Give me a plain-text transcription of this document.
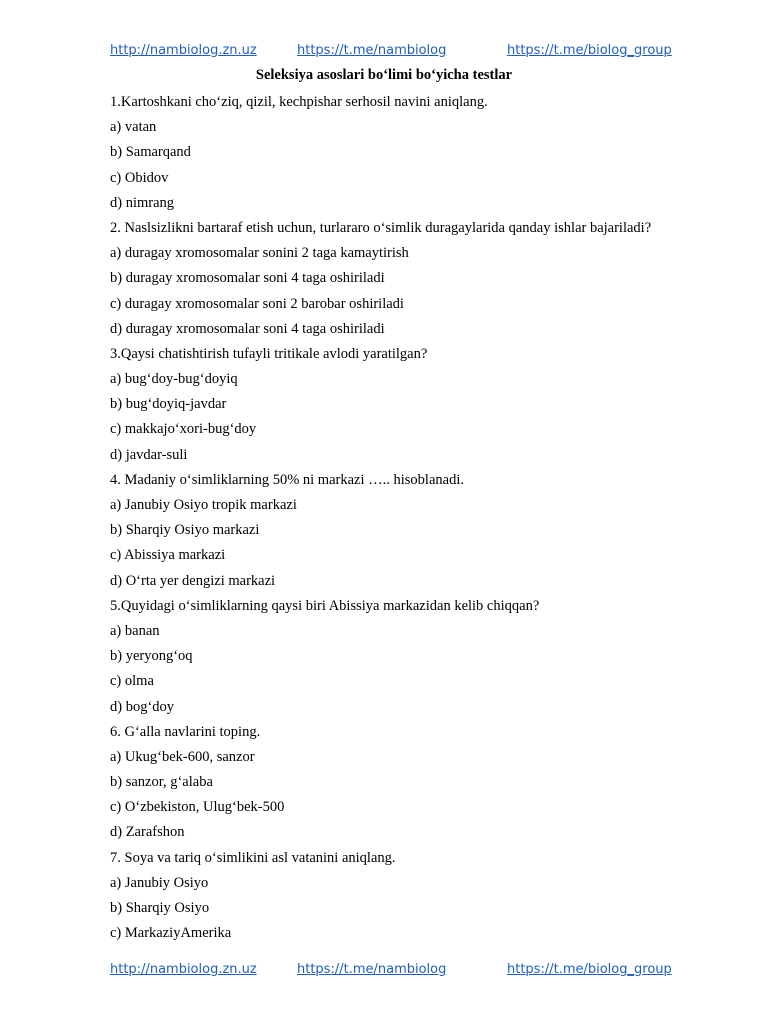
http://nambiolog.zn.uz	https://t.me/nambiolog	https://t.me/biolog_group
Seleksiya asoslari bo‘limi bo‘yicha testlar
1.Kartoshkani cho‘ziq, qizil, kechpishar serhosil navini aniqlang.
a) vatan
b) Samarqand
c) Obidov
d) nimrang
2. Naslsizlikni bartaraf etish uchun, turlararo o‘simlik duragaylarida qanday ishlar bajariladi?
a) duragay xromosomalar sonini 2 taga kamaytirish
b) duragay xromosomalar soni 4 taga oshiriladi
c) duragay xromosomalar soni 2 barobar oshiriladi
d) duragay xromosomalar soni 4 taga oshiriladi
3.Qaysi chatishtirish tufayli tritikale avlodi yaratilgan?
a) bug‘doy-bug‘doyiq
b) bug‘doyiq-javdar
c) makkajo‘xori-bug‘doy
d) javdar-suli
4. Madaniy o‘simliklarning 50% ni markazi ….. hisoblanadi.
a) Janubiy Osiyo tropik markazi
b) Sharqiy Osiyo markazi
c) Abissiya markazi
d) O‘rta yer dengizi markazi
5.Quyidagi o‘simliklarning qaysi biri Abissiya markazidan kelib chiqqan?
a) banan
b) yeryong‘oq
c) olma
d) bog‘doy
6. G‘alla navlarini toping.
a) Ukug‘bek-600, sanzor
b) sanzor, g‘alaba
c) O‘zbekiston, Ulug‘bek-500
d) Zarafshon
7. Soya va tariq o‘simlikini asl vatanini aniqlang.
a) Janubiy Osiyo
b) Sharqiy Osiyo
c) MarkaziyAmerika
http://nambiolog.zn.uz	https://t.me/nambiolog	https://t.me/biolog_group
